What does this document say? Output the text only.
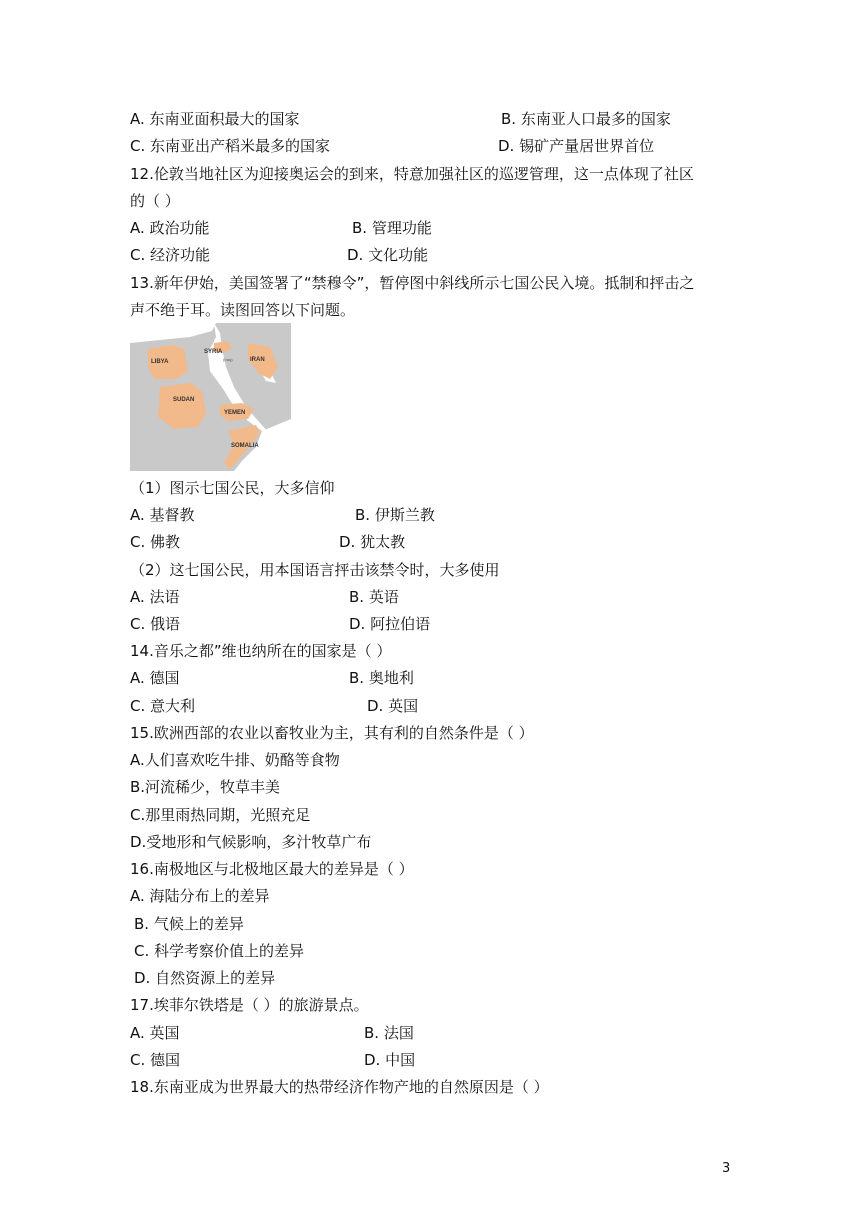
A. 东南亚面积最大的国家	B. 东南亚人口最多的国家
C. 东南亚出产稻米最多的国家	D. 锡矿产量居世界首位
12.伦敦当地社区为迎接奥运会的到来，特意加强社区的巡逻管理，这一点体现了社区
的（ ）
A. 政治功能	B. 管理功能
C. 经济功能	D. 文化功能
13.新年伊始，美国签署了“禁穆令”，暂停图中斜线所示七国公民入境。抵制和抨击之
声不绝于耳。读图回答以下问题。
LIBYA
SYRIA
(Iraq)	IRAN
SUDAN
YEMEN
SOMALIA
（1）图示七国公民，大多信仰
A. 基督教	B. 伊斯兰教
C. 佛教	D. 犹太教
（2）这七国公民，用本国语言抨击该禁令时，大多使用
A. 法语	B. 英语
C. 俄语	D. 阿拉伯语
14.音乐之都”维也纳所在的国家是（ ）
A. 德国	B. 奥地利
C. 意大利	D. 英国
15.欧洲西部的农业以畜牧业为主，其有利的自然条件是（ ）
A.人们喜欢吃牛排、奶酪等食物
B.河流稀少，牧草丰美
C.那里雨热同期，光照充足
D.受地形和气候影响，多汁牧草广布
16.南极地区与北极地区最大的差异是（ ）
A. 海陆分布上的差异
B. 气候上的差异
C. 科学考察价值上的差异
D. 自然资源上的差异
17.埃菲尔铁塔是（ ）的旅游景点。
A. 英国	B. 法国
C. 德国	D. 中国
18.东南亚成为世界最大的热带经济作物产地的自然原因是（ ）
3
